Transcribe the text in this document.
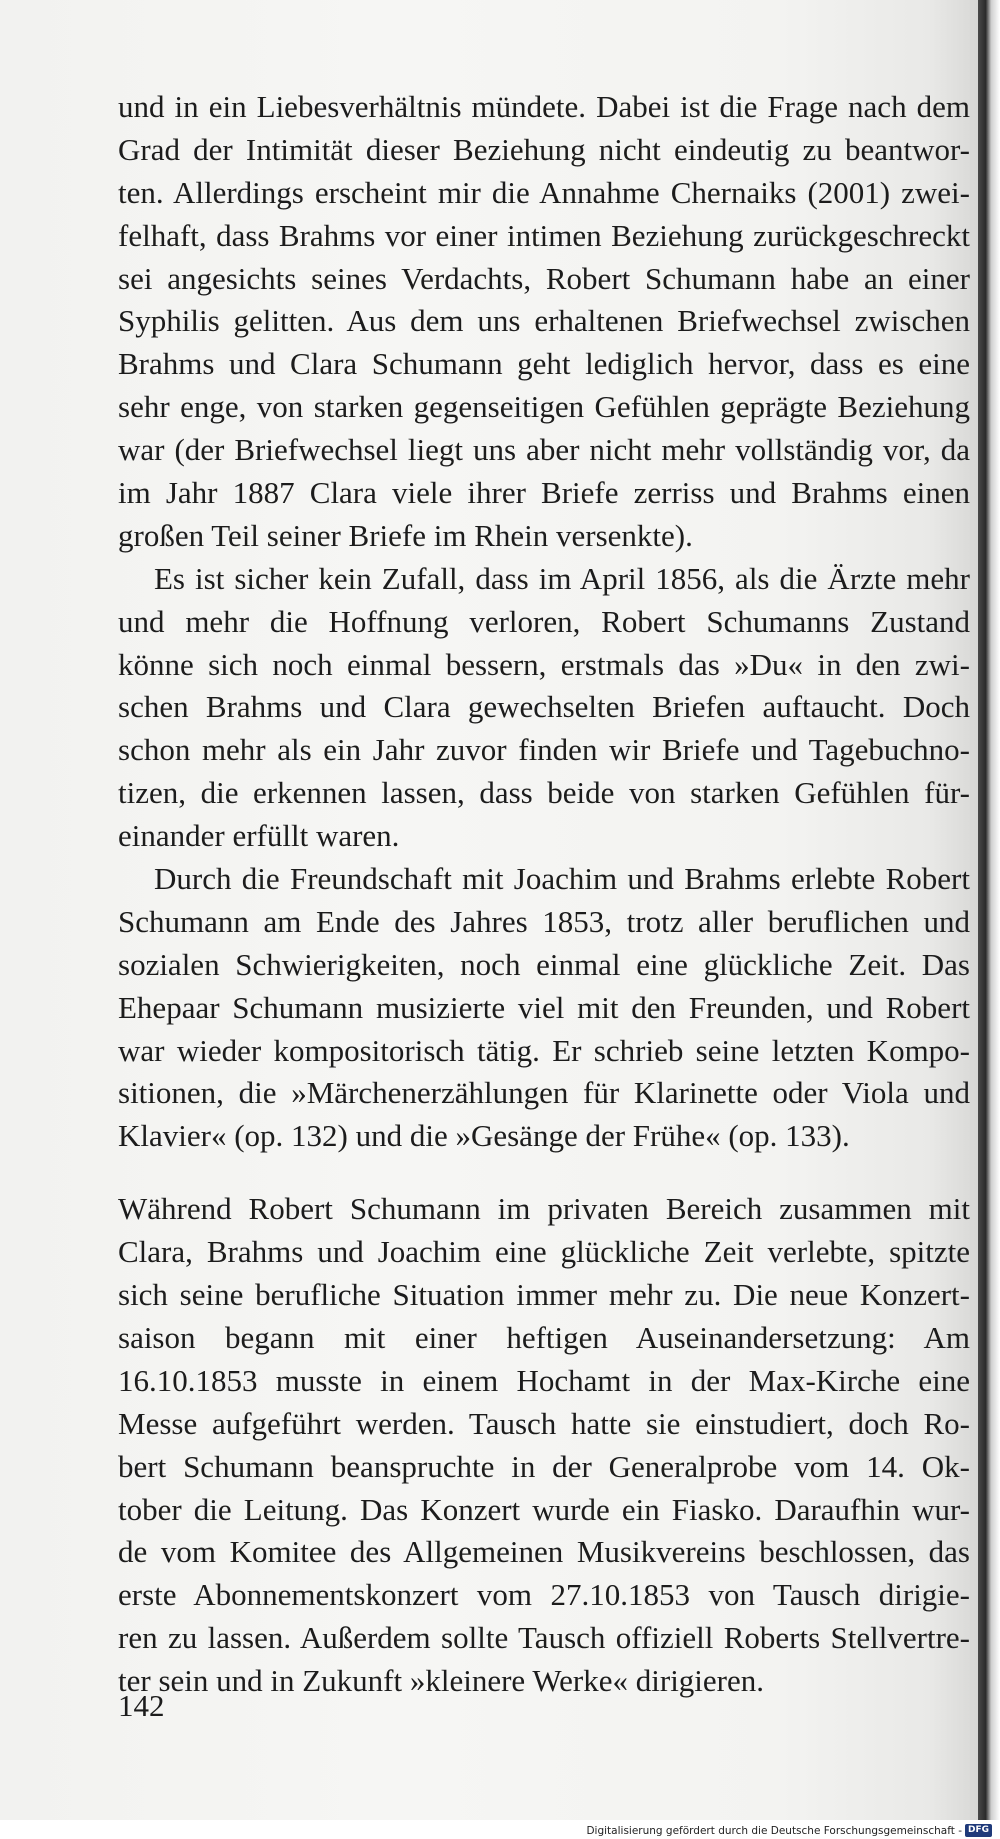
und in ein Liebesverhältnis mündete. Dabei ist die Frage nach dem
Grad der Intimität dieser Beziehung nicht eindeutig zu beantwor-
ten. Allerdings erscheint mir die Annahme Chernaiks (2001) zwei-
felhaft, dass Brahms vor einer intimen Beziehung zurückgeschreckt
sei angesichts seines Verdachts, Robert Schumann habe an einer
Syphilis gelitten. Aus dem uns erhaltenen Briefwechsel zwischen
Brahms und Clara Schumann geht lediglich hervor, dass es eine
sehr enge, von starken gegenseitigen Gefühlen geprägte Beziehung
war (der Briefwechsel liegt uns aber nicht mehr vollständig vor, da
im Jahr 1887 Clara viele ihrer Briefe zerriss und Brahms einen
großen Teil seiner Briefe im Rhein versenkte).
Es ist sicher kein Zufall, dass im April 1856, als die Ärzte mehr
und mehr die Hoffnung verloren, Robert Schumanns Zustand
könne sich noch einmal bessern, erstmals das »Du« in den zwi-
schen Brahms und Clara gewechselten Briefen auftaucht. Doch
schon mehr als ein Jahr zuvor finden wir Briefe und Tagebuchno-
tizen, die erkennen lassen, dass beide von starken Gefühlen für-
einander erfüllt waren.
Durch die Freundschaft mit Joachim und Brahms erlebte Robert
Schumann am Ende des Jahres 1853, trotz aller beruflichen und
sozialen Schwierigkeiten, noch einmal eine glückliche Zeit. Das
Ehepaar Schumann musizierte viel mit den Freunden, und Robert
war wieder kompositorisch tätig. Er schrieb seine letzten Kompo-
sitionen, die »Märchenerzählungen für Klarinette oder Viola und
Klavier« (op. 132) und die »Gesänge der Frühe« (op. 133).
Während Robert Schumann im privaten Bereich zusammen mit
Clara, Brahms und Joachim eine glückliche Zeit verlebte, spitzte
sich seine berufliche Situation immer mehr zu. Die neue Konzert-
saison begann mit einer heftigen Auseinandersetzung: Am
16.10.1853 musste in einem Hochamt in der Max-Kirche eine
Messe aufgeführt werden. Tausch hatte sie einstudiert, doch Ro-
bert Schumann beanspruchte in der Generalprobe vom 14. Ok-
tober die Leitung. Das Konzert wurde ein Fiasko. Daraufhin wur-
de vom Komitee des Allgemeinen Musikvereins beschlossen, das
erste Abonnementskonzert vom 27.10.1853 von Tausch dirigie-
ren zu lassen. Außerdem sollte Tausch offiziell Roberts Stellvertre-
ter sein und in Zukunft »kleinere Werke« dirigieren.
142
Digitalisierung gefördert durch die Deutsche Forschungsgemeinschaft - DFG
